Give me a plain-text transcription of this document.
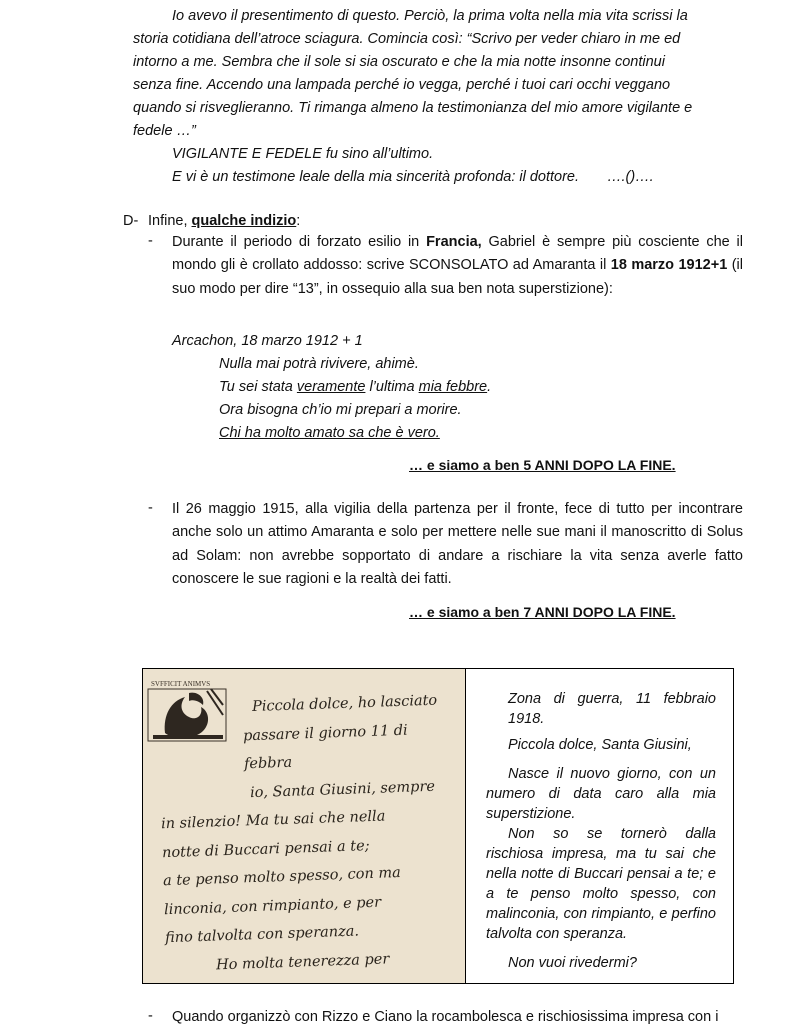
Io avevo il presentimento di questo. Perciò, la prima volta nella mia vita scrissi la
storia cotidiana dell’atroce sciagura. Comincia così: “Scrivo per veder chiaro in me ed
intorno a me. Sembra che il sole si sia oscurato e che la mia notte insonne continui
senza fine. Accendo una lampada perché io vegga, perché i tuoi cari occhi veggano
quando si risveglieranno. Ti rimanga almeno la testimonianza del mio amore vigilante e
fedele …”
VIGILANTE E FEDELE fu sino all’ultimo.
E vi è un testimone leale della mia sincerità profonda: il dottore. ….()….
D- Infine, qualche indizio:
- Durante il periodo di forzato esilio in Francia, Gabriel è sempre più cosciente che il mondo gli è crollato addosso: scrive SCONSOLATO ad Amaranta il 18 marzo 1912+1 (il suo modo per dire “13”, in ossequio alla sua ben nota superstizione):
Arcachon, 18 marzo 1912 + 1
Nulla mai potrà rivivere, ahimè.
Tu sei stata veramente l’ultima mia febbre.
Ora bisogna ch’io mi prepari a morire.
Chi ha molto amato sa che è vero.
… e siamo a ben 5 ANNI DOPO LA FINE.
- Il 26 maggio 1915, alla vigilia della partenza per il fronte, fece di tutto per incontrare anche solo un attimo Amaranta e solo per mettere nelle sue mani il manoscritto di Solus ad Solam: non avrebbe sopportato di andare a rischiare la vita senza averle fatto conoscere le sue ragioni e la realtà dei fatti.
… e siamo a ben 7 ANNI DOPO LA FINE.
SVFFICIT ANIMVS
Piccola dolce, ho lasciato
passare il giorno 11 di febbra
io, Santa Giusini, sempre
in silenzio! Ma tu sai che nella
notte di Buccari pensai a te;
a te penso molto spesso, con ma
linconia, con rimpianto, e per
fino talvolta con speranza.
Ho molta tenerezza per

Zona di guerra, 11 febbraio 1918.

Piccola dolce, Santa Giusini,

Nasce il nuovo giorno, con un numero di data caro alla mia superstizione.

Non so se tornerò dalla rischiosa impresa, ma tu sai che nella notte di Buccari pensai a te; e a te penso molto spesso, con malinconia, con rimpianto, e perfino talvolta con speranza.

Non vuoi rivedermi?

- Quando organizzò con Rizzo e Ciano la rocambolesca e rischiosissima impresa con i
